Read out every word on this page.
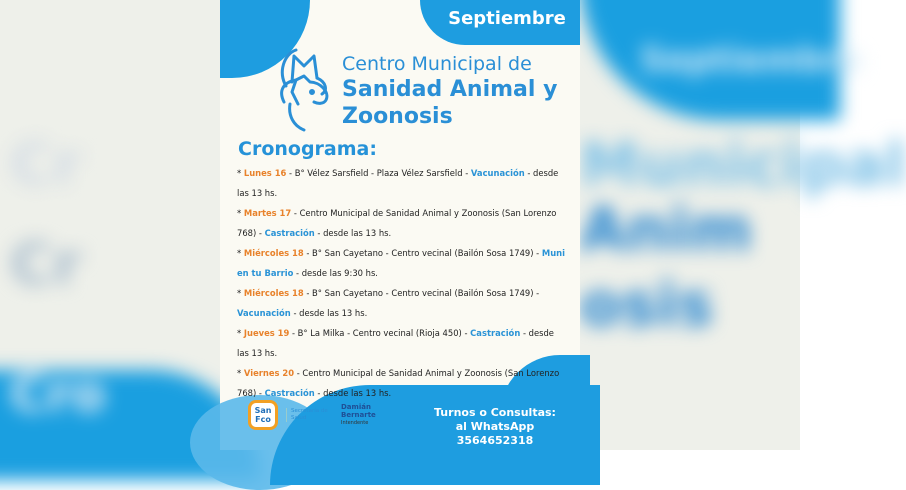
Septiembre
Municipal
Anim
osis
Cr
Cr
Cro
Septiembre
Centro Municipal de
Sanidad Animal y
Zoonosis
Cronograma:
* Lunes 16 - B° Vélez Sarsfield - Plaza Vélez Sarsfield - Vacunación - desde las 13 hs.
* Martes 17 - Centro Municipal de Sanidad Animal y Zoonosis (San Lorenzo 768) - Castración - desde las 13 hs.
* Miércoles 18 - B° San Cayetano - Centro vecinal (Bailón Sosa 1749) - Muni en tu Barrio - desde las 9:30 hs.
* Miércoles 18 - B° San Cayetano - Centro vecinal (Bailón Sosa 1749) - Vacunación - desde las 13 hs.
* Jueves 19 - B° La Milka - Centro vecinal (Rioja 450) - Castración - desde las 13 hs.
* Viernes 20 - Centro Municipal de Sanidad Animal y Zoonosis (San Lorenzo 768) - Castración - desde las 13 hs.
San
Fco
Secretaría de
Salud
Damián
Bernarte
Intendente
Turnos o Consultas:
al WhatsApp 3564652318
